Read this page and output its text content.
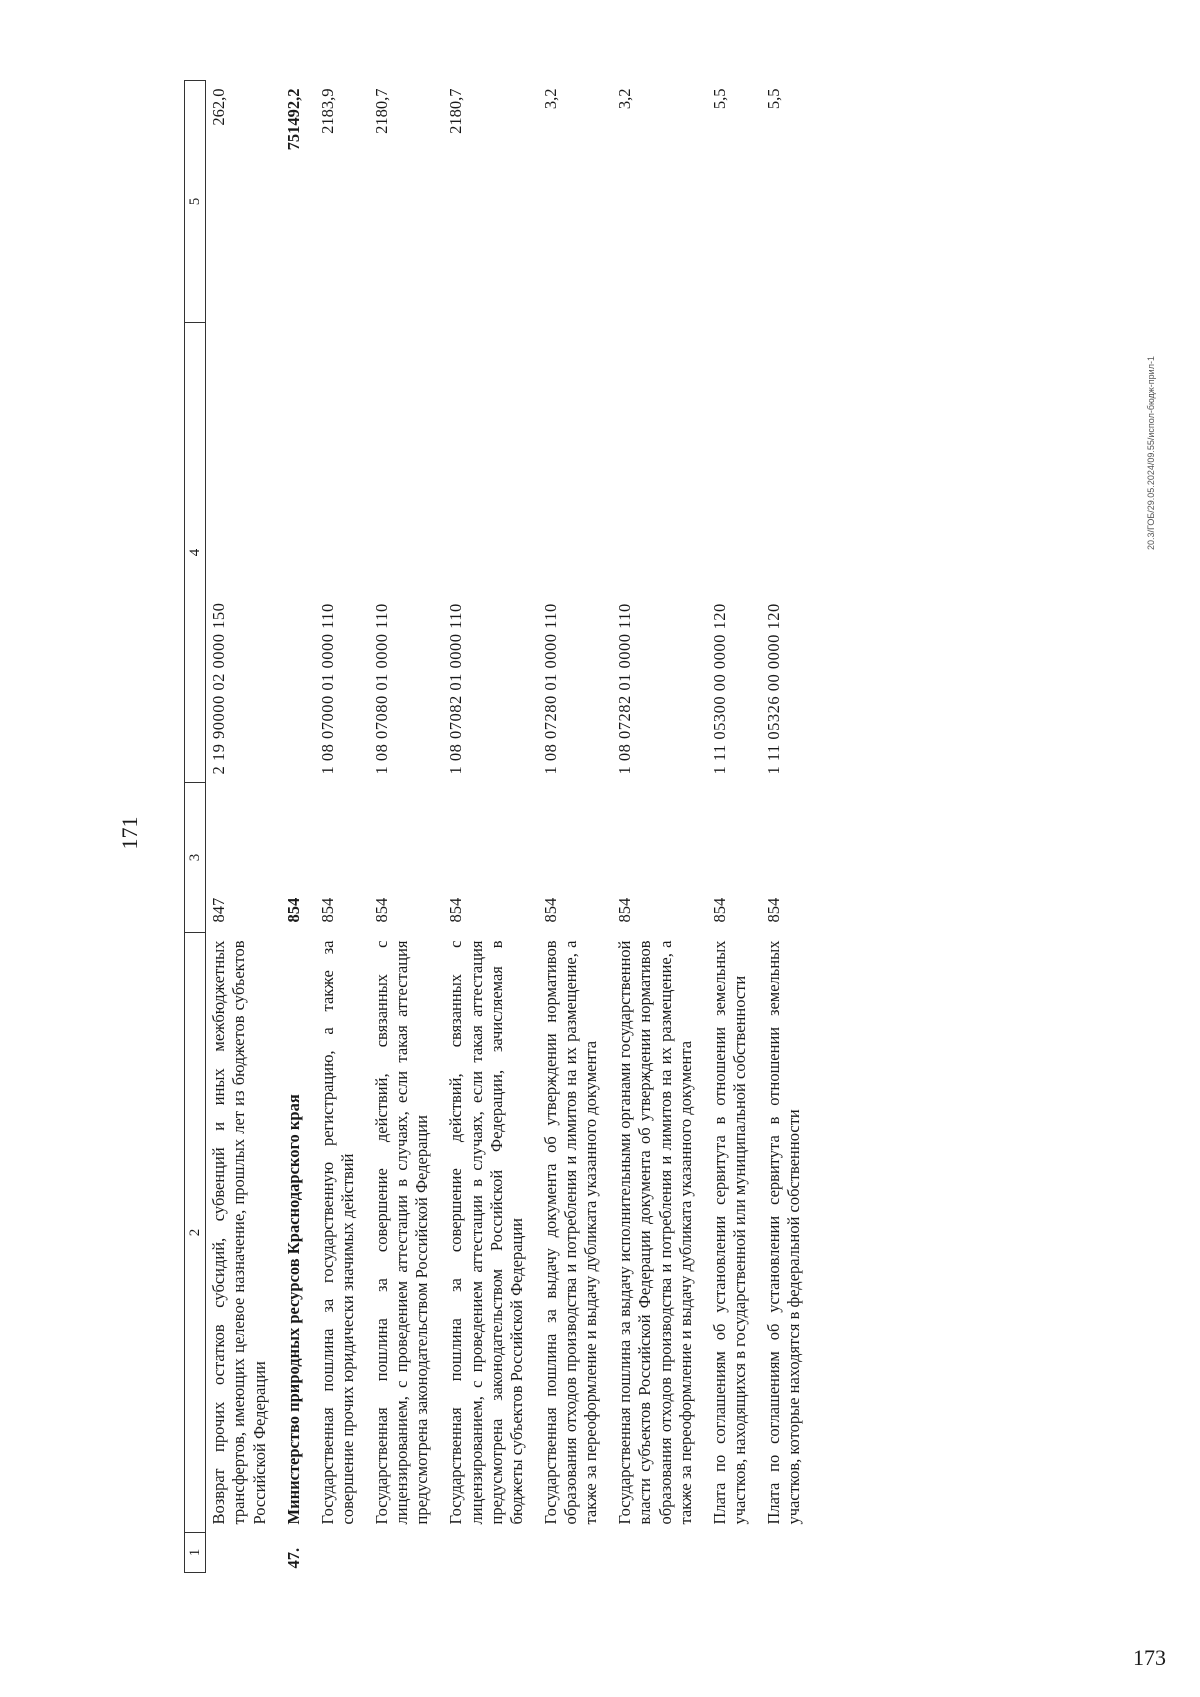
171
1	2	3	4	5
	Возврат прочих остатков субсидий, субвенций и иных межбюджетных трансфертов, имеющих целевое назначение, прошлых лет из бюджетов субъектов Российской Федерации	847	2 19 90000 02 0000 150	262,0
47.	Министерство природных ресурсов Краснодарского края	854		751492,2
	Государственная пошлина за государственную регистрацию, а также за совершение прочих юридически значимых действий	854	1 08 07000 01 0000 110	2183,9
	Государственная пошлина за совершение действий, связанных с лицензированием, с проведением аттестации в случаях, если такая аттестация предусмотрена законодательством Российской Федерации	854	1 08 07080 01 0000 110	2180,7
	Государственная пошлина за совершение действий, связанных с лицензированием, с проведением аттестации в случаях, если такая аттестация предусмотрена законодательством Российской Федерации, зачисляемая в бюджеты субъектов Российской Федерации	854	1 08 07082 01 0000 110	2180,7
	Государственная пошлина за выдачу документа об утверждении нормативов образования отходов производства и потребления и лимитов на их размещение, а также за переоформление и выдачу дубликата указанного документа	854	1 08 07280 01 0000 110	3,2
	Государственная пошлина за выдачу исполнительными органами государственной власти субъектов Российской Федерации документа об утверждении нормативов образования отходов производства и потребления и лимитов на их размещение, а также за переоформление и выдачу дубликата указанного документа	854	1 08 07282 01 0000 110	3,2
	Плата по соглашениям об установлении сервитута в отношении земельных участков, находящихся в государственной или муниципальной собственности	854	1 11 05300 00 0000 120	5,5
	Плата по соглашениям об установлении сервитута в отношении земельных участков, которые находятся в федеральной собственности	854	1 11 05326 00 0000 120	5,5
20.3/ГОБ/29.05.2024/09.55/испол-бюдж-прил-1
173
